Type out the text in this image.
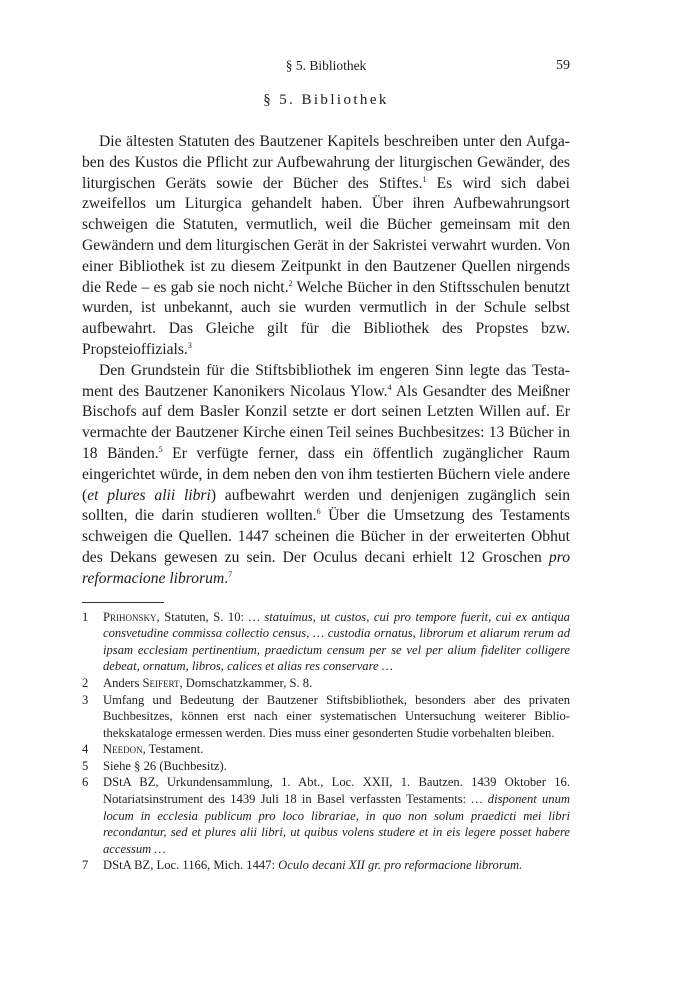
§ 5. Bibliothek	59
§ 5. Bibliothek

Die ältesten Statuten des Bautzener Kapitels beschreiben unter den Aufgaben des Kustos die Pflicht zur Aufbewahrung der liturgischen Gewänder, des liturgischen Geräts sowie der Bücher des Stiftes.$^1$ Es wird sich dabei zweifellos um Liturgica gehandelt haben. Über ihren Aufbewahrungsort schweigen die Statuten, vermutlich, weil die Bücher gemeinsam mit den Gewändern und dem liturgischen Gerät in der Sakristei verwahrt wurden. Von einer Bibliothek ist zu diesem Zeitpunkt in den Bautzener Quellen nirgends die Rede – es gab sie noch nicht.$^2$ Welche Bücher in den Stiftsschulen benutzt wurden, ist unbekannt, auch sie wurden vermutlich in der Schule selbst aufbewahrt. Das Gleiche gilt für die Bibliothek des Propstes bzw. Propsteioffizials.$^3$

Den Grundstein für die Stiftsbibliothek im engeren Sinn legte das Testament des Bautzener Kanonikers Nicolaus Ylow.$^4$ Als Gesandter des Meißner Bischofs auf dem Basler Konzil setzte er dort seinen Letzten Willen auf. Er vermachte der Bautzener Kirche einen Teil seines Buchbesitzes: 13 Bücher in 18 Bänden.$^5$ Er verfügte ferner, dass ein öffentlich zugänglicher Raum eingerichtet würde, in dem neben den von ihm testierten Büchern viele andere (et plures alii libri) aufbewahrt werden und denjenigen zugänglich sein sollten, die darin studieren wollten.$^6$ Über die Umsetzung des Testaments schweigen die Quellen. 1447 scheinen die Bücher in der erweiterten Obhut des Dekans gewesen zu sein. Der Oculus decani erhielt 12 Groschen pro reformacione librorum.$^7$

1 Prihonsky, Statuten, S. 10: … statuimus, ut custos, cui pro tempore fuerit, cui ex antiqua consvetudine commissa collectio census, … custodia ornatus, librorum et aliarum rerum ad ipsam ecclesiam pertinentium, praedictum censum per se vel per alium fideliter colligere debeat, ornatum, libros, calices et alias res conservare …
2 Anders Seifert, Domschatzkammer, S. 8.
3 Umfang und Bedeutung der Bautzener Stiftsbibliothek, besonders aber des privaten Buchbesitzes, können erst nach einer systematischen Untersuchung weiterer Bibliothekskataloge ermessen werden. Dies muss einer gesonderten Studie vorbehalten bleiben.
4 Needon, Testament.
5 Siehe § 26 (Buchbesitz).
6 DStA BZ, Urkundensammlung, 1. Abt., Loc. XXII, 1. Bautzen. 1439 Oktober 16. Notariatsinstrument des 1439 Juli 18 in Basel verfassten Testaments: … disponent unum locum in ecclesia publicum pro loco librariae, in quo non solum praedicti mei libri recondantur, sed et plures alii libri, ut quibus volens studere et in eis legere posset habere accessum …
7 DStA BZ, Loc. 1166, Mich. 1447: Oculo decani XII gr. pro reformacione librorum.
